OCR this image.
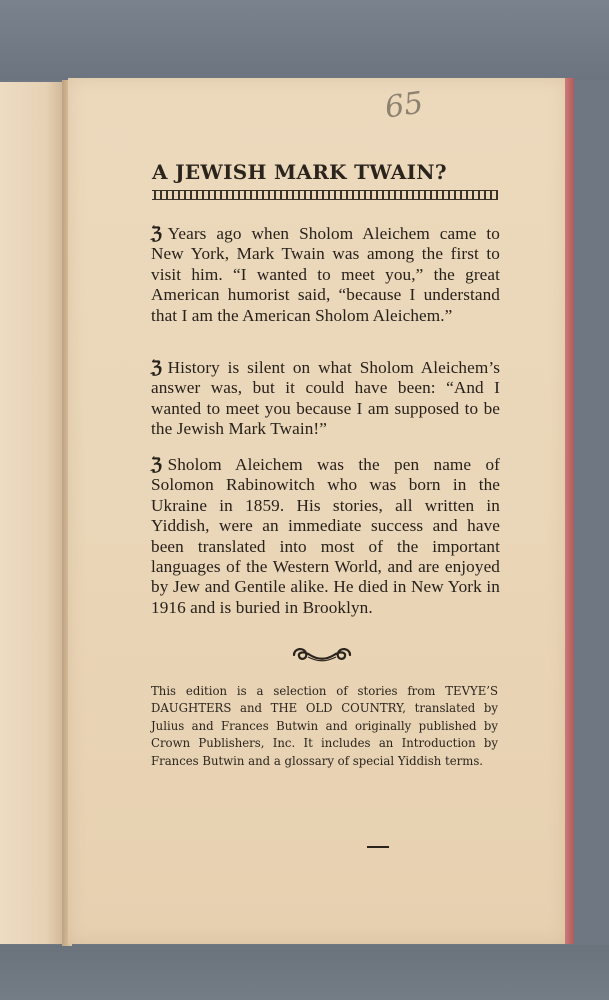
65
A JEWISH MARK TWAIN?

ℨ Years ago when Sholom Aleichem came to New York, Mark Twain was among the first to visit him. “I wanted to meet you,” the great American humorist said, “because I understand that I am the American Sholom Aleichem.”

ℨ History is silent on what Sholom Aleichem’s answer was, but it could have been: “And I wanted to meet you because I am supposed to be the Jewish Mark Twain!”

ℨ Sholom Aleichem was the pen name of Solomon Rabinowitch who was born in the Ukraine in 1859. His stories, all written in Yiddish, were an immediate success and have been translated into most of the important languages of the Western World, and are enjoyed by Jew and Gentile alike. He died in New York in 1916 and is buried in Brooklyn.

This edition is a selection of stories from TEVYE’S DAUGHTERS and THE OLD COUNTRY, translated by Julius and Frances Butwin and originally published by Crown Publishers, Inc. It includes an Introduction by Frances Butwin and a glossary of special Yiddish terms.
